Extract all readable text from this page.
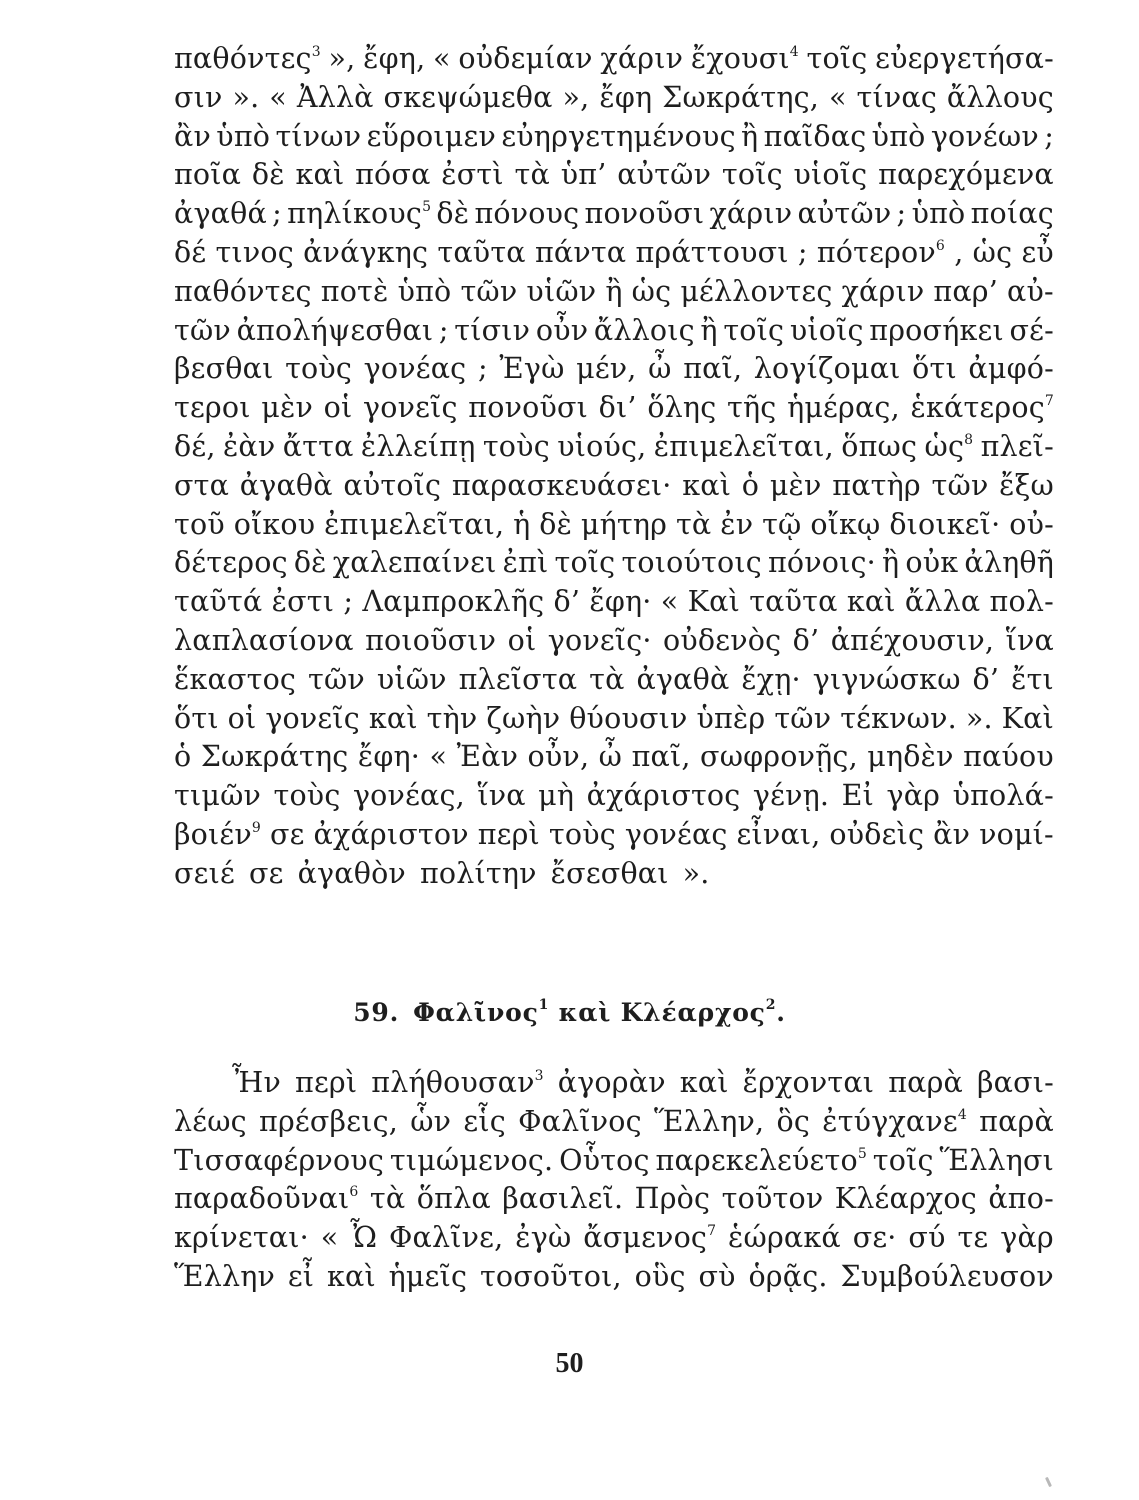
παθόντες$^3$ », ἔφη, « οὐδεμίαν χάριν ἔχουσι$^4$ τοῖς εὐεργετήσα-
σιν ». « Ἀλλὰ σκεψώμεθα », ἔφη Σωκράτης, « τίνας ἄλλους
ἂν ὑπὸ τίνων εὕροιμεν εὐηργετημένους ἢ παῖδας ὑπὸ γονέων ;
ποῖα δὲ καὶ πόσα ἐστὶ τὰ ὑπ’ αὐτῶν τοῖς υἱοῖς παρεχόμενα
ἀγαθά ; πηλίκους$^5$ δὲ πόνους πονοῦσι χάριν αὐτῶν ; ὑπὸ ποίας
δέ τινος ἀνάγκης ταῦτα πάντα πράττουσι ; πότερον$^6$ , ὡς εὖ
παθόντες ποτὲ ὑπὸ τῶν υἱῶν ἢ ὡς μέλλοντες χάριν παρ’ αὐ-
τῶν ἀπολήψεσθαι ; τίσιν οὖν ἄλλοις ἢ τοῖς υἱοῖς προσήκει σέ-
βεσθαι τοὺς γονέας ; Ἐγὼ μέν, ὦ παῖ, λογίζομαι ὅτι ἀμφό-
τεροι μὲν οἱ γονεῖς πονοῦσι δι’ ὅλης τῆς ἡμέρας, ἑκάτερος$^7$
δέ, ἐὰν ἄττα ἐλλείπῃ τοὺς υἱούς, ἐπιμελεῖται, ὅπως ὡς$^8$ πλεῖ-
στα ἀγαθὰ αὐτοῖς παρασκευάσει· καὶ ὁ μὲν πατὴρ τῶν ἔξω
τοῦ οἴκου ἐπιμελεῖται, ἡ δὲ μήτηρ τὰ ἐν τῷ οἴκῳ διοικεῖ· οὐ-
δέτερος δὲ χαλεπαίνει ἐπὶ τοῖς τοιούτοις πόνοις· ἢ οὐκ ἀληθῆ
ταῦτά ἐστι ; Λαμπροκλῆς δ’ ἔφη· « Καὶ ταῦτα καὶ ἄλλα πολ-
λαπλασίονα ποιοῦσιν οἱ γονεῖς· οὐδενὸς δ’ ἀπέχουσιν, ἵνα
ἕκαστος τῶν υἱῶν πλεῖστα τὰ ἀγαθὰ ἔχῃ· γιγνώσκω δ’ ἔτι
ὅτι οἱ γονεῖς καὶ τὴν ζωὴν θύουσιν ὑπὲρ τῶν τέκνων. ». Καὶ
ὁ Σωκράτης ἔφη· « Ἐὰν οὖν, ὦ παῖ, σωφρονῇς, μηδὲν παύου
τιμῶν τοὺς γονέας, ἵνα μὴ ἀχάριστος γένῃ. Εἰ γὰρ ὑπολά-
βοιέν$^9$ σε ἀχάριστον περὶ τοὺς γονέας εἶναι, οὐδεὶς ἂν νομί-
σειέ σε ἀγαθὸν πολίτην ἔσεσθαι ».
59. Φαλῖνος$^1$ καὶ Κλέαρχος$^2$.
Ἦν περὶ πλήθουσαν$^3$ ἀγορὰν καὶ ἔρχονται παρὰ βασι-
λέως πρέσβεις, ὧν εἷς Φαλῖνος Ἕλλην, ὃς ἐτύγχανε$^4$ παρὰ
Τισσαφέρνους τιμώμενος. Οὗτος παρεκελεύετο$^5$ τοῖς Ἕλλησι
παραδοῦναι$^6$ τὰ ὅπλα βασιλεῖ. Πρὸς τοῦτον Κλέαρχος ἀπο-
κρίνεται· « Ὦ Φαλῖνε, ἐγὼ ἄσμενος$^7$ ἑώρακά σε· σύ τε γὰρ
Ἕλλην εἶ καὶ ἡμεῖς τοσοῦτοι, οὓς σὺ ὁρᾷς. Συμβούλευσον
50
